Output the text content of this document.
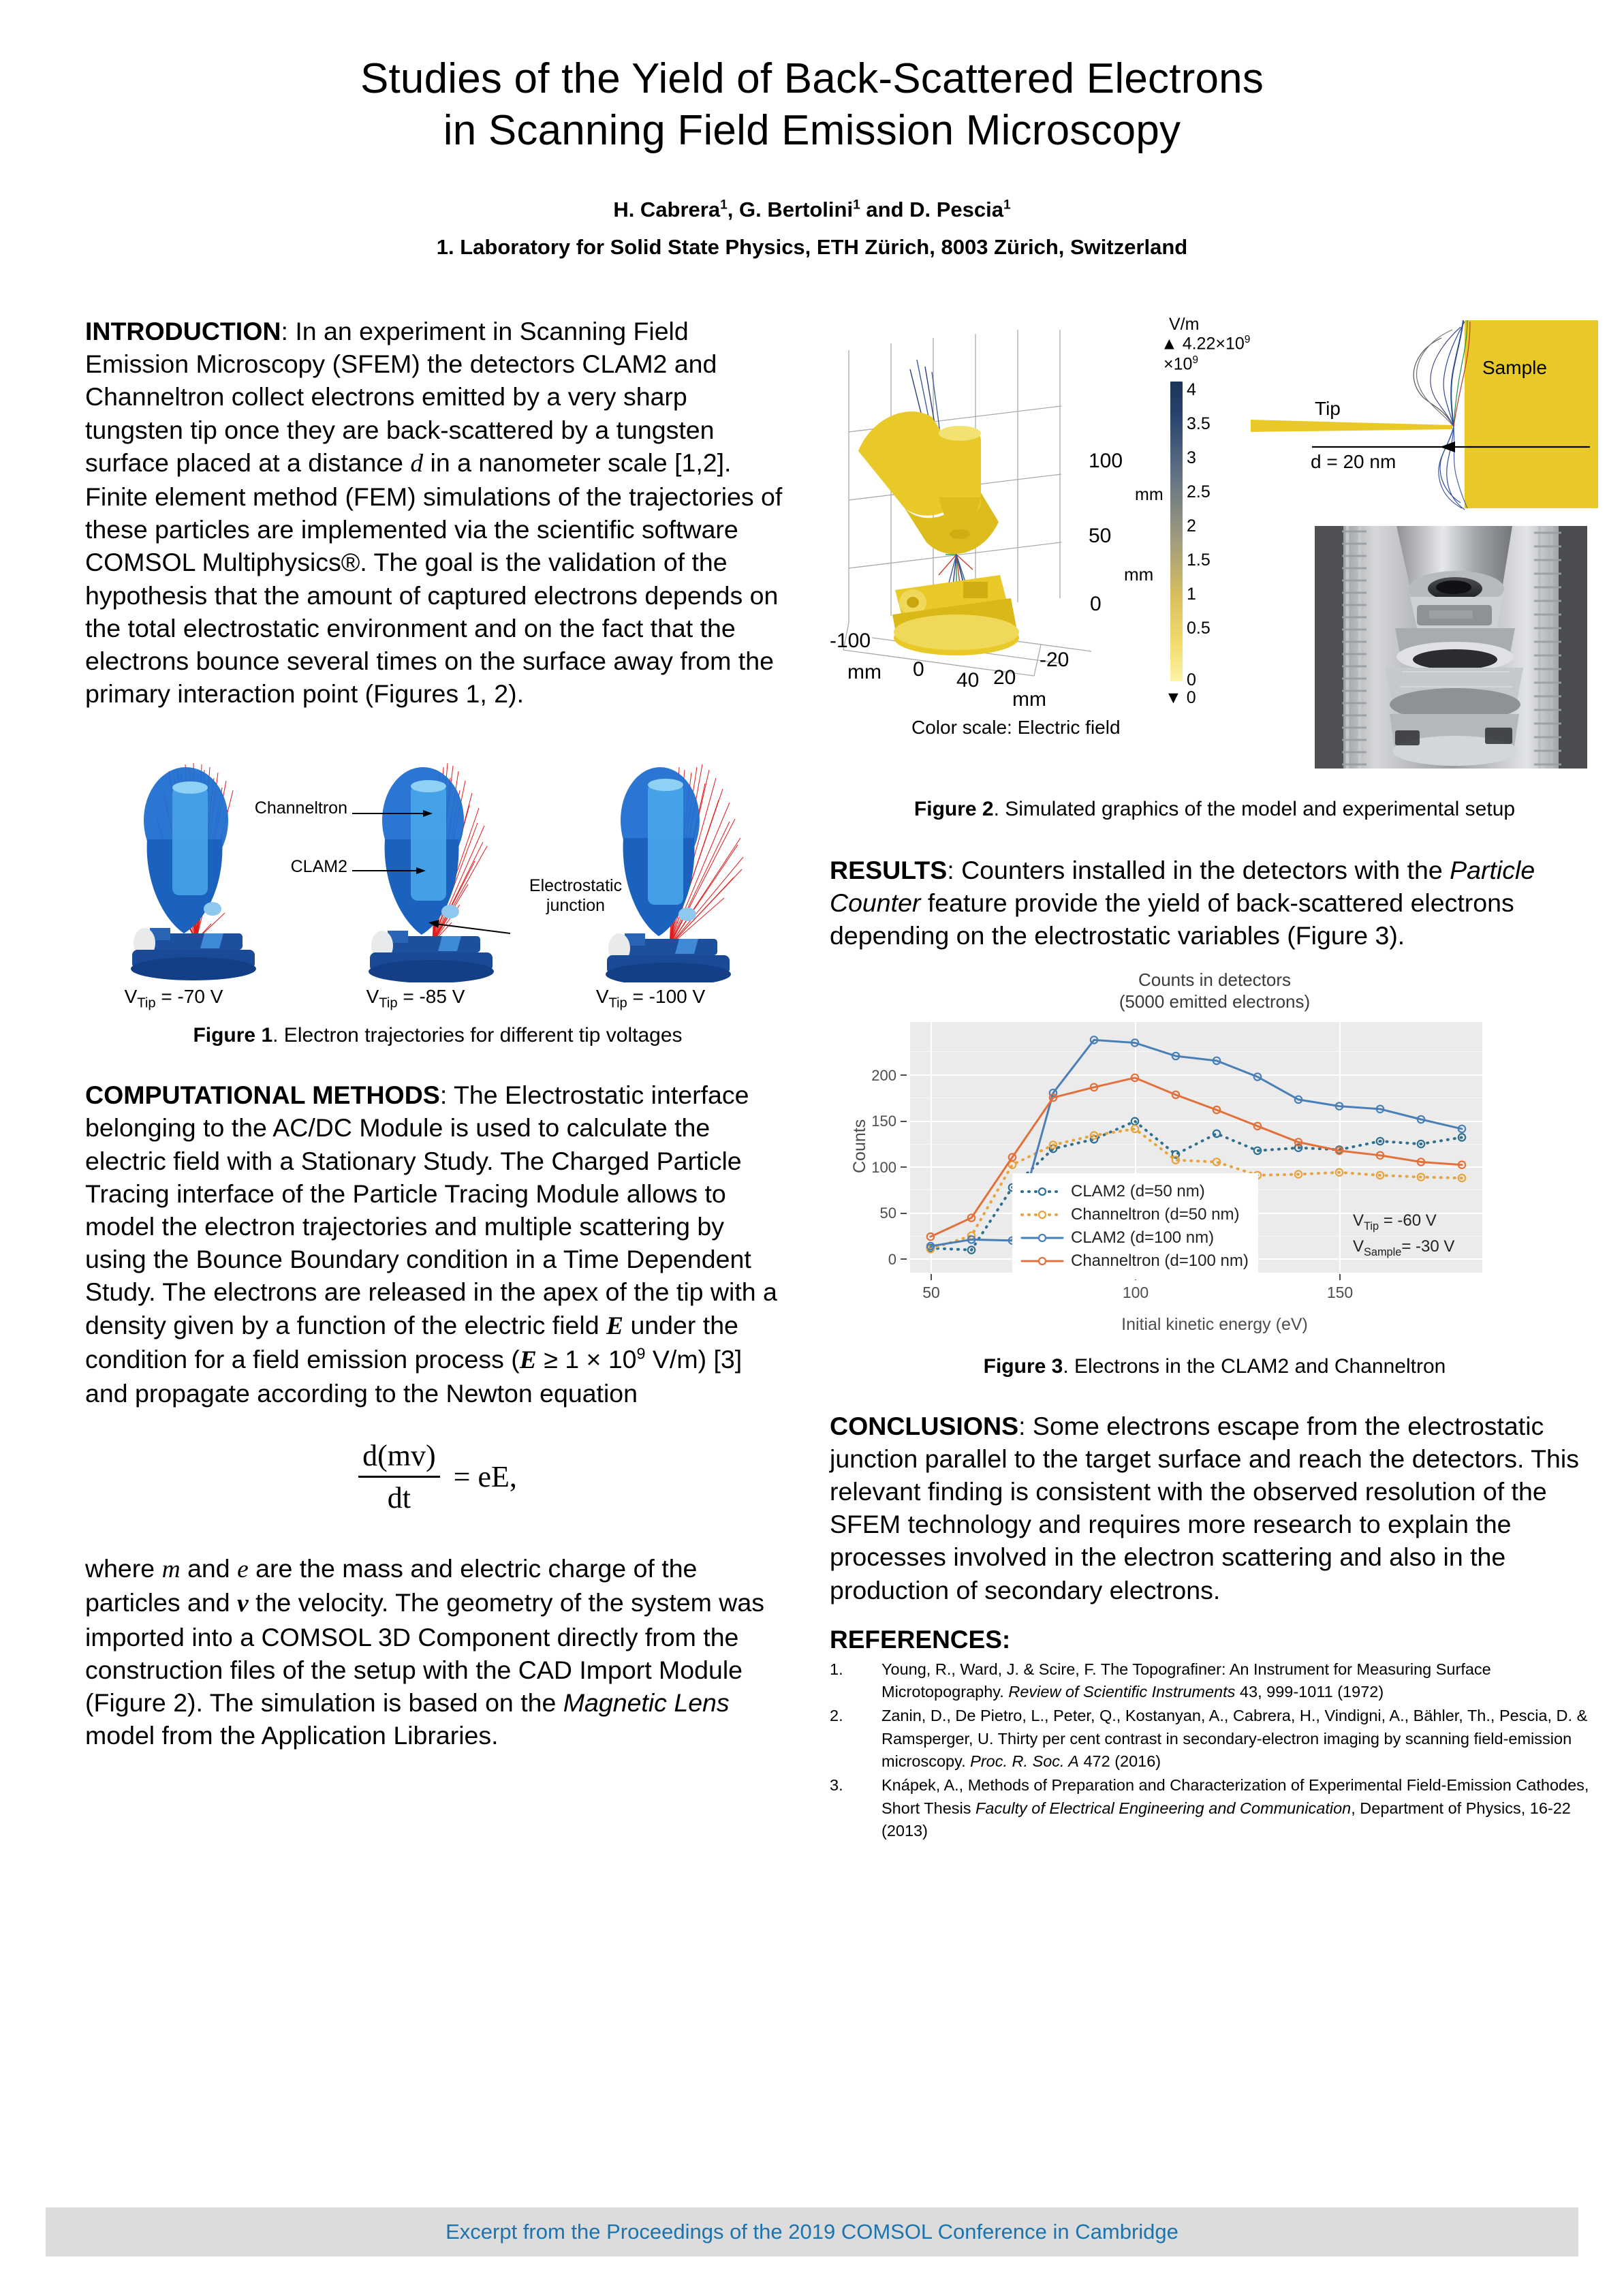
Studies of the Yield of Back-Scattered Electrons
in Scanning Field Emission Microscopy
H. Cabrera$^1$, G. Bertolini$^1$ and D. Pescia$^1$
1. Laboratory for Solid State Physics, ETH Zürich, 8003 Zürich, Switzerland

INTRODUCTION: In an experiment in Scanning Field Emission Microscopy (SFEM) the detectors CLAM2 and Channeltron collect electrons emitted by a very sharp tungsten tip once they are back-scattered by a tungsten surface placed at a distance d in a nanometer scale [1,2]. Finite element method (FEM) simulations of the trajectories of these particles are implemented via the scientific software COMSOL Multiphysics®. The goal is the validation of the hypothesis that the amount of captured electrons depends on the total electrostatic environment and on the fact that the electrons bounce several times on the surface away from the primary interaction point (Figures 1, 2).

$V_{Tip} = -70$ V	$V_{Tip} = -85$ V	$V_{Tip} = -100$ V
Channeltron
CLAM2
Electrostatic
junction
Figure 1. Electron trajectories for different tip voltages

COMPUTATIONAL METHODS: The Electrostatic interface belonging to the AC/DC Module is used to calculate the electric field with a Stationary Study. The Charged Particle Tracing interface of the Particle Tracing Module allows to model the electron trajectories and multiple scattering by using the Bounce Boundary condition in a Time Dependent Study. The electrons are released in the apex of the tip with a density given by a function of the electric field E under the condition for a field emission process ($E \ge 1 \times 10^9$ V/m) [3] and propagate according to the Newton equation

$\frac{d(mv)}{dt}$ = eE,

where m and e are the mass and electric charge of the particles and v the velocity. The geometry of the system was imported into a COMSOL 3D Component directly from the construction files of the setup with the CAD Import Module (Figure 2). The simulation is based on the Magnetic Lens model from the Application Libraries.

100
50
0
-100
0 40 20
-20
mm
mm
mm
Color scale: Electric field
V/m
▲ $4.22\times 10^9$
$\times 10^9$
4
3.5
3
2.5
2
1.5
1
0.5
0
▼ 0
mm
Sample
Tip
d = 20 nm
Figure 2. Simulated graphics of the model and experimental setup

RESULTS: Counters installed in the detectors with the Particle Counter feature provide the yield of back-scattered electrons depending on the electrostatic variables (Figure 3).

Counts in detectors
(5000 emitted electrons)
0
50
100
150
200
50	100	150
Counts
Initial kinetic energy (eV)
CLAM2 (d=50 nm)
Channeltron (d=50 nm)
CLAM2 (d=100 nm)
Channeltron (d=100 nm)
$V_{Tip} = -60$ V
$V_{Sample}= -30$ V
Figure 3. Electrons in the CLAM2 and Channeltron

CONCLUSIONS: Some electrons escape from the electrostatic junction parallel to the target surface and reach the detectors. This relevant finding is consistent with the observed resolution of the SFEM technology and requires more research to explain the processes involved in the electron scattering and also in the production of secondary electrons.

REFERENCES:
1.	Young, R., Ward, J. & Scire, F. The Topografiner: An Instrument for Measuring Surface Microtopography. Review of Scientific Instruments 43, 999-1011 (1972)
2.	Zanin, D., De Pietro, L., Peter, Q., Kostanyan, A., Cabrera, H., Vindigni, A., Bähler, Th., Pescia, D. & Ramsperger, U. Thirty per cent contrast in secondary-electron imaging by scanning field-emission microscopy. Proc. R. Soc. A 472 (2016)
3.	Knápek, A., Methods of Preparation and Characterization of Experimental Field-Emission Cathodes, Short Thesis Faculty of Electrical Engineering and Communication, Department of Physics, 16-22 (2013)
Excerpt from the Proceedings of the 2019 COMSOL Conference in Cambridge
